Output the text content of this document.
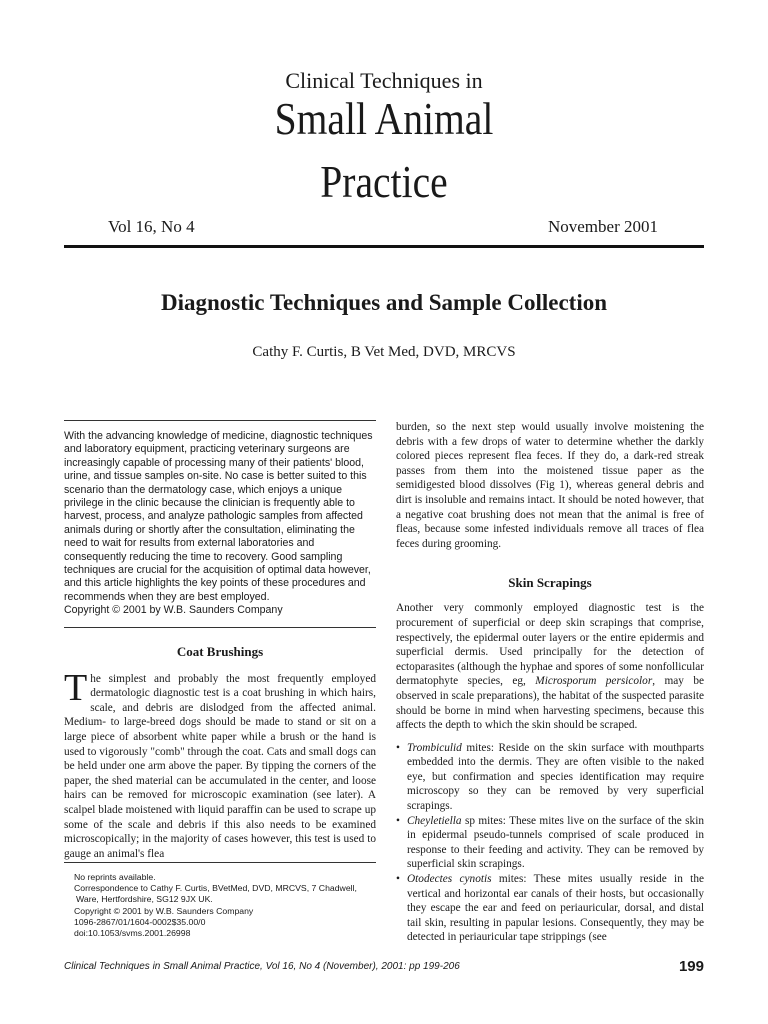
Clinical Techniques in
Small Animal
Practice
Vol 16, No 4	November 2001
Diagnostic Techniques and Sample Collection
Cathy F. Curtis, B Vet Med, DVD, MRCVS

With the advancing knowledge of medicine, diagnostic techniques and laboratory equipment, practicing veterinary surgeons are increasingly capable of processing many of their patients' blood, urine, and tissue samples on-site. No case is better suited to this scenario than the dermatology case, which enjoys a unique privilege in the clinic because the clinician is frequently able to harvest, process, and analyze pathologic samples from affected animals during or shortly after the consultation, eliminating the need to wait for results from external laboratories and consequently reducing the time to recovery. Good sampling techniques are crucial for the acquisition of optimal data however, and this article highlights the key points of these procedures and recommends when they are best employed.
Copyright © 2001 by W.B. Saunders Company

Coat Brushings

The simplest and probably the most frequently employed dermatologic diagnostic test is a coat brushing in which hairs, scale, and debris are dislodged from the affected animal. Medium- to large-breed dogs should be made to stand or sit on a large piece of absorbent white paper while a brush or the hand is used to vigorously "comb" through the coat. Cats and small dogs can be held under one arm above the paper. By tipping the corners of the paper, the shed material can be accumulated in the center, and loose hairs can be removed for microscopic examination (see later). A scalpel blade moistened with liquid paraffin can be used to scrape up some of the scale and debris if this also needs to be examined microscopically; in the majority of cases however, this test is used to gauge an animal's flea

No reprints available.

Correspondence to Cathy F. Curtis, BVetMed, DVD, MRCVS, 7 Chadwell, Ware, Hertfordshire, SG12 9JX UK.

Copyright © 2001 by W.B. Saunders Company

1096-2867/01/1604-0002$35.00/0

doi:10.1053/svms.2001.26998

burden, so the next step would usually involve moistening the debris with a few drops of water to determine whether the darkly colored pieces represent flea feces. If they do, a dark-red streak passes from them into the moistened tissue paper as the semidigested blood dissolves (Fig 1), whereas general debris and dirt is insoluble and remains intact. It should be noted however, that a negative coat brushing does not mean that the animal is free of fleas, because some infested individuals remove all traces of flea feces during grooming.

Skin Scrapings

Another very commonly employed diagnostic test is the procurement of superficial or deep skin scrapings that comprise, respectively, the epidermal outer layers or the entire epidermis and superficial dermis. Used principally for the detection of ectoparasites (although the hyphae and spores of some nonfollicular dermatophyte species, eg, Microsporum persicolor, may be observed in scale preparations), the habitat of the suspected parasite should be borne in mind when harvesting specimens, because this affects the depth to which the skin should be scraped.

• Trombiculid mites: Reside on the skin surface with mouthparts embedded into the dermis. They are often visible to the naked eye, but confirmation and species identification may require microscopy so they can be removed by very superficial scrapings.
• Cheyletiella sp mites: These mites live on the surface of the skin in epidermal pseudo-tunnels comprised of scale produced in response to their feeding and activity. They can be removed by superficial skin scrapings.
• Otodectes cynotis mites: These mites usually reside in the vertical and horizontal ear canals of their hosts, but occasionally they escape the ear and feed on periauricular, dorsal, and distal tail skin, resulting in papular lesions. Consequently, they may be detected in periauricular tape strippings (see
Clinical Techniques in Small Animal Practice, Vol 16, No 4 (November), 2001: pp 199-206	199
